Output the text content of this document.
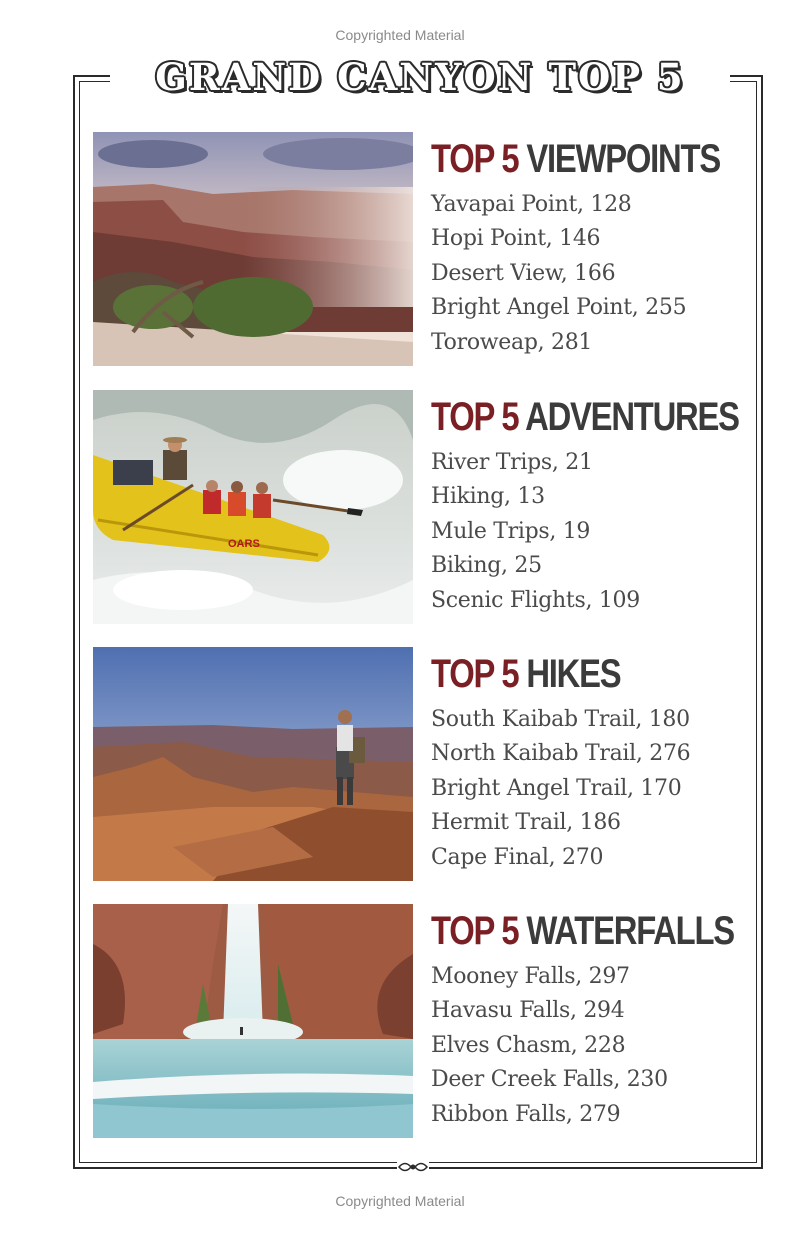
Copyrighted Material
GRAND CANYON TOP 5
TOP 5 VIEWPOINTS
Yavapai Point, 128
Hopi Point, 146
Desert View, 166
Bright Angel Point, 255
Toroweap, 281
OARS
TOP 5 ADVENTURES
River Trips, 21
Hiking, 13
Mule Trips, 19
Biking, 25
Scenic Flights, 109
TOP 5 HIKES
South Kaibab Trail, 180
North Kaibab Trail, 276
Bright Angel Trail, 170
Hermit Trail, 186
Cape Final, 270
TOP 5 WATERFALLS
Mooney Falls, 297
Havasu Falls, 294
Elves Chasm, 228
Deer Creek Falls, 230
Ribbon Falls, 279
Copyrighted Material
